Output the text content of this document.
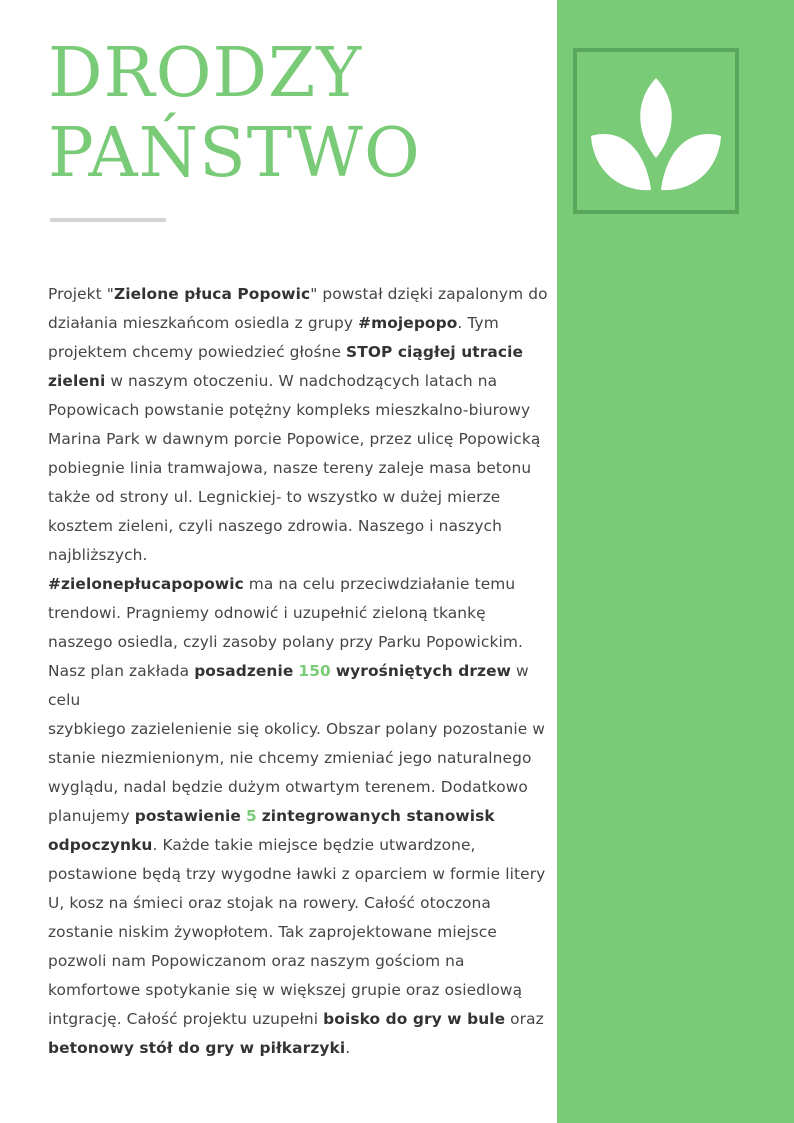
DRODZY
PAŃSTWO

Projekt "Zielone płuca Popowic" powstał dzięki zapalonym do
działania mieszkańcom osiedla z grupy #mojepopo. Tym
projektem chcemy powiedzieć głośne STOP ciągłej utracie
zieleni w naszym otoczeniu. W nadchodzących latach na
Popowicach powstanie potężny kompleks mieszkalno-biurowy
Marina Park w dawnym porcie Popowice, przez ulicę Popowicką
pobiegnie linia tramwajowa, nasze tereny zaleje masa betonu
także od strony ul. Legnickiej- to wszystko w dużej mierze
kosztem zieleni, czyli naszego zdrowia. Naszego i naszych
najbliższych.
#zielonepłucapopowic ma na celu przeciwdziałanie temu
trendowi. Pragniemy odnowić i uzupełnić zieloną tkankę
naszego osiedla, czyli zasoby polany przy Parku Popowickim.
Nasz plan zakłada posadzenie 150 wyrośniętych drzew w celu
szybkiego zazielenienie się okolicy. Obszar polany pozostanie w
stanie niezmienionym, nie chcemy zmieniać jego naturalnego
wyglądu, nadal będzie dużym otwartym terenem. Dodatkowo
planujemy postawienie 5 zintegrowanych stanowisk
odpoczynku. Każde takie miejsce będzie utwardzone,
postawione będą trzy wygodne ławki z oparciem w formie litery
U, kosz na śmieci oraz stojak na rowery. Całość otoczona
zostanie niskim żywopłotem. Tak zaprojektowane miejsce
pozwoli nam Popowiczanom oraz naszym gościom na
komfortowe spotykanie się w większej grupie oraz osiedlową
intgrację. Całość projektu uzupełni boisko do gry w bule oraz
betonowy stół do gry w piłkarzyki.
